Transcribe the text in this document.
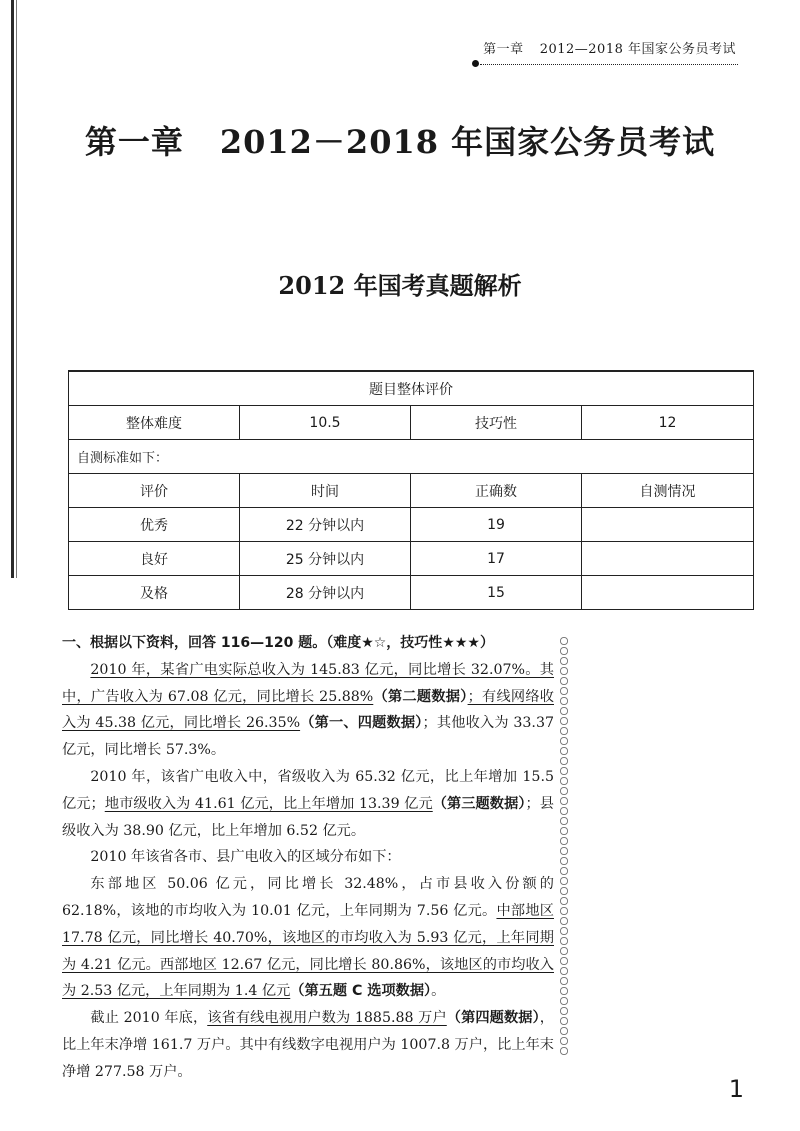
第一章 2012—2018 年国家公务员考试
第一章 2012－2018 年国家公务员考试
2012 年国考真题解析
题目整体评价			
整体难度	10.5	技巧性	12
自测标准如下：			
评价	时间	正确数	自测情况
优秀	22 分钟以内	19	
良好	25 分钟以内	17	
及格	28 分钟以内	15	

一、根据以下资料，回答 116—120 题。（难度★☆，技巧性★★★）

2010 年，某省广电实际总收入为 145.83 亿元，同比增长 32.07%。其中，广告收入为 67.08 亿元，同比增长 25.88%（第二题数据）；有线网络收入为 45.38 亿元，同比增长 26.35%（第一、四题数据）；其他收入为 33.37 亿元，同比增长 57.3%。

2010 年，该省广电收入中，省级收入为 65.32 亿元，比上年增加 15.5 亿元；地市级收入为 41.61 亿元，比上年增加 13.39 亿元（第三题数据）；县级收入为 38.90 亿元，比上年增加 6.52 亿元。

2010 年该省各市、县广电收入的区域分布如下：

东部地区 50.06 亿元，同比增长 32.48%，占市县收入份额的 62.18%，该地的市均收入为 10.01 亿元，上年同期为 7.56 亿元。中部地区 17.78 亿元，同比增长 40.70%，该地区的市均收入为 5.93 亿元，上年同期为 4.21 亿元。西部地区 12.67 亿元，同比增长 80.86%，该地区的市均收入为 2.53 亿元，上年同期为 1.4 亿元（第五题 C 选项数据）。

截止 2010 年底，该省有线电视用户数为 1885.88 万户（第四题数据），比上年末净增 161.7 万户。其中有线数字电视用户为 1007.8 万户，比上年末净增 277.58 万户。

1
